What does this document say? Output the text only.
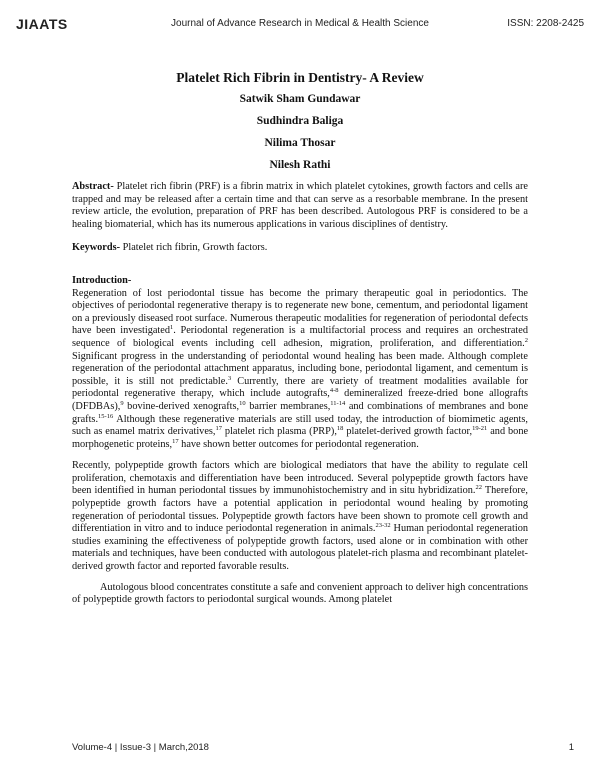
JIAATS	Journal of Advance Research in Medical & Health Science	ISSN: 2208-2425
Platelet Rich Fibrin in Dentistry- A Review
Satwik Sham Gundawar
Sudhindra Baliga
Nilima Thosar
Nilesh Rathi

Abstract- Platelet rich fibrin (PRF) is a fibrin matrix in which platelet cytokines, growth factors and cells are trapped and may be released after a certain time and that can serve as a resorbable membrane. In the present review article, the evolution, preparation of PRF has been described. Autologous PRF is considered to be a healing biomaterial, which has its numerous applications in various disciplines of dentistry.

Keywords- Platelet rich fibrin, Growth factors.

Introduction-

Regeneration of lost periodontal tissue has become the primary therapeutic goal in periodontics. The objectives of periodontal regenerative therapy is to regenerate new bone, cementum, and periodontal ligament on a previously diseased root surface. Numerous therapeutic modalities for regeneration of periodontal defects have been investigated$^1$. Periodontal regeneration is a multifactorial process and requires an orchestrated sequence of biological events including cell adhesion, migration, proliferation, and differentiation.$^2$ Significant progress in the understanding of periodontal wound healing has been made. Although complete regeneration of the periodontal attachment apparatus, including bone, periodontal ligament, and cementum is possible, it is still not predictable.$^3$ Currently, there are variety of treatment modalities available for periodontal regenerative therapy, which include autografts,$^{4-8}$ demineralized freeze-dried bone allografts (DFDBAs),$^9$ bovine-derived xenografts,$^{10}$ barrier membranes,$^{11-14}$ and combinations of membranes and bone grafts.$^{15-16}$ Although these regenerative materials are still used today, the introduction of biomimetic agents, such as enamel matrix derivatives,$^{17}$ platelet rich plasma (PRP),$^{18}$ platelet-derived growth factor,$^{19-21}$ and bone morphogenetic proteins,$^{17}$ have shown better outcomes for periodontal regeneration.

Recently, polypeptide growth factors which are biological mediators that have the ability to regulate cell proliferation, chemotaxis and differentiation have been introduced. Several polypeptide growth factors have been identified in human periodontal tissues by immunohistochemistry and in situ hybridization.$^{22}$ Therefore, polypeptide growth factors have a potential application in periodontal wound healing by promoting regeneration of periodontal tissues. Polypeptide growth factors have been shown to promote cell growth and differentiation in vitro and to induce periodontal regeneration in animals.$^{23-32}$ Human periodontal regeneration studies examining the effectiveness of polypeptide growth factors, used alone or in combination with other materials and techniques, have been conducted with autologous platelet-rich plasma and recombinant platelet-derived growth factor and reported favorable results.

Autologous blood concentrates constitute a safe and convenient approach to deliver high concentrations of polypeptide growth factors to periodontal surgical wounds. Among platelet

Volume-4 | Issue-3 | March,2018	1
